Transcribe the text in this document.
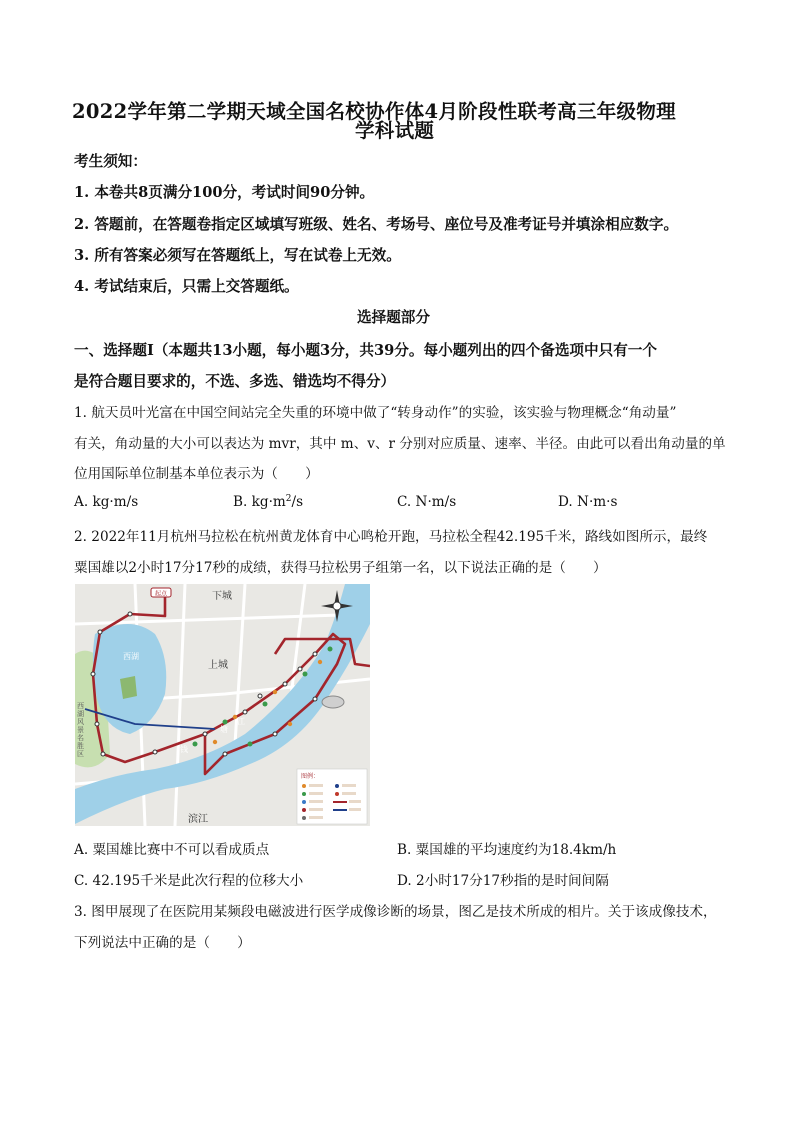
2022学年第二学期天域全国名校协作体4月阶段性联考高三年级物理
学科试题
考生须知：
1. 本卷共8页满分100分，考试时间90分钟。
2. 答题前，在答题卷指定区域填写班级、姓名、考场号、座位号及准考证号并填涂相应数字。
3. 所有答案必须写在答题纸上，写在试卷上无效。
4. 考试结束后，只需上交答题纸。
选择题部分
一、选择题Ⅰ（本题共13小题，每小题3分，共39分。每小题列出的四个备选项中只有一个
是符合题目要求的，不选、多选、错选均不得分）
1. 航天员叶光富在中国空间站完全失重的环境中做了“转身动作”的实验，该实验与物理概念“角动量”
有关，角动量的大小可以表达为 mvr，其中 m、v、r 分别对应质量、速率、半径。由此可以看出角动量的单
位用国际单位制基本单位表示为（　　）
A. kg·m/s	B. $kg\cdot m^2/s$	C. N·m/s	D. N·m·s
2. 2022年11月杭州马拉松在杭州黄龙体育中心鸣枪开跑，马拉松全程42.195千米，路线如图所示，最终
粟国雄以2小时17分17秒的成绩，获得马拉松男子组第一名，以下说法正确的是（　　）
起点	下城
上城
滨江
西湖
江
塘
钱
图例：
西湖风景名胜区
A. 粟国雄比赛中不可以看成质点	B. 粟国雄的平均速度约为18.4km/h
C. 42.195千米是此次行程的位移大小	D. 2小时17分17秒指的是时间间隔
3. 图甲展现了在医院用某频段电磁波进行医学成像诊断的场景，图乙是技术所成的相片。关于该成像技术，
下列说法中正确的是（　　）
